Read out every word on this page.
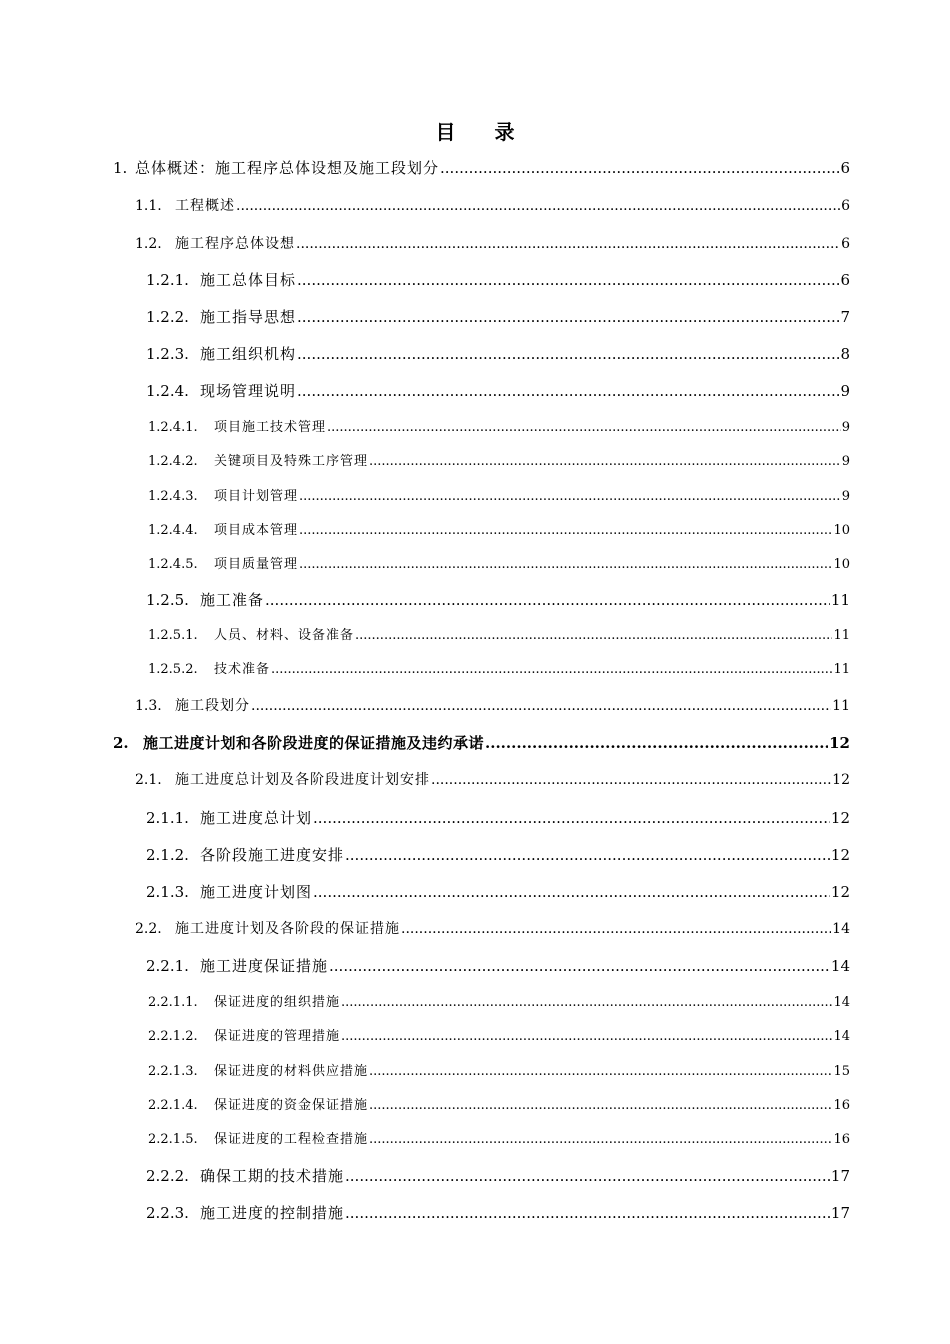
目 录
1. 总体概述：施工程序总体设想及施工段划分 .....	6
1.1. 工程概述 .....	6
1.2. 施工程序总体设想 .....	6
1.2.1. 施工总体目标 .....	6
1.2.2. 施工指导思想 .....	7
1.2.3. 施工组织机构 .....	8
1.2.4. 现场管理说明 .....	9
1.2.4.1.	项目施工技术管理 .....	9
1.2.4.2.	关键项目及特殊工序管理 .....	9
1.2.4.3.	项目计划管理 .....	9
1.2.4.4.	项目成本管理 .....	10
1.2.4.5.	项目质量管理 .....	10
1.2.5. 施工准备 .....	11
1.2.5.1.	人员、材料、设备准备 .....	11
1.2.5.2.	技术准备 .....	11
1.3. 施工段划分 .....	11
2. 施工进度计划和各阶段进度的保证措施及违约承诺 .....	12
2.1. 施工进度总计划及各阶段进度计划安排 .....	12
2.1.1. 施工进度总计划 .....	12
2.1.2. 各阶段施工进度安排 .....	12
2.1.3. 施工进度计划图 .....	12
2.2. 施工进度计划及各阶段的保证措施 .....	14
2.2.1. 施工进度保证措施 .....	14
2.2.1.1.	保证进度的组织措施 .....	14
2.2.1.2.	保证进度的管理措施 .....	14
2.2.1.3.	保证进度的材料供应措施 .....	15
2.2.1.4.	保证进度的资金保证措施 .....	16
2.2.1.5.	保证进度的工程检查措施 .....	16
2.2.2. 确保工期的技术措施 .....	17
2.2.3. 施工进度的控制措施 .....	17
